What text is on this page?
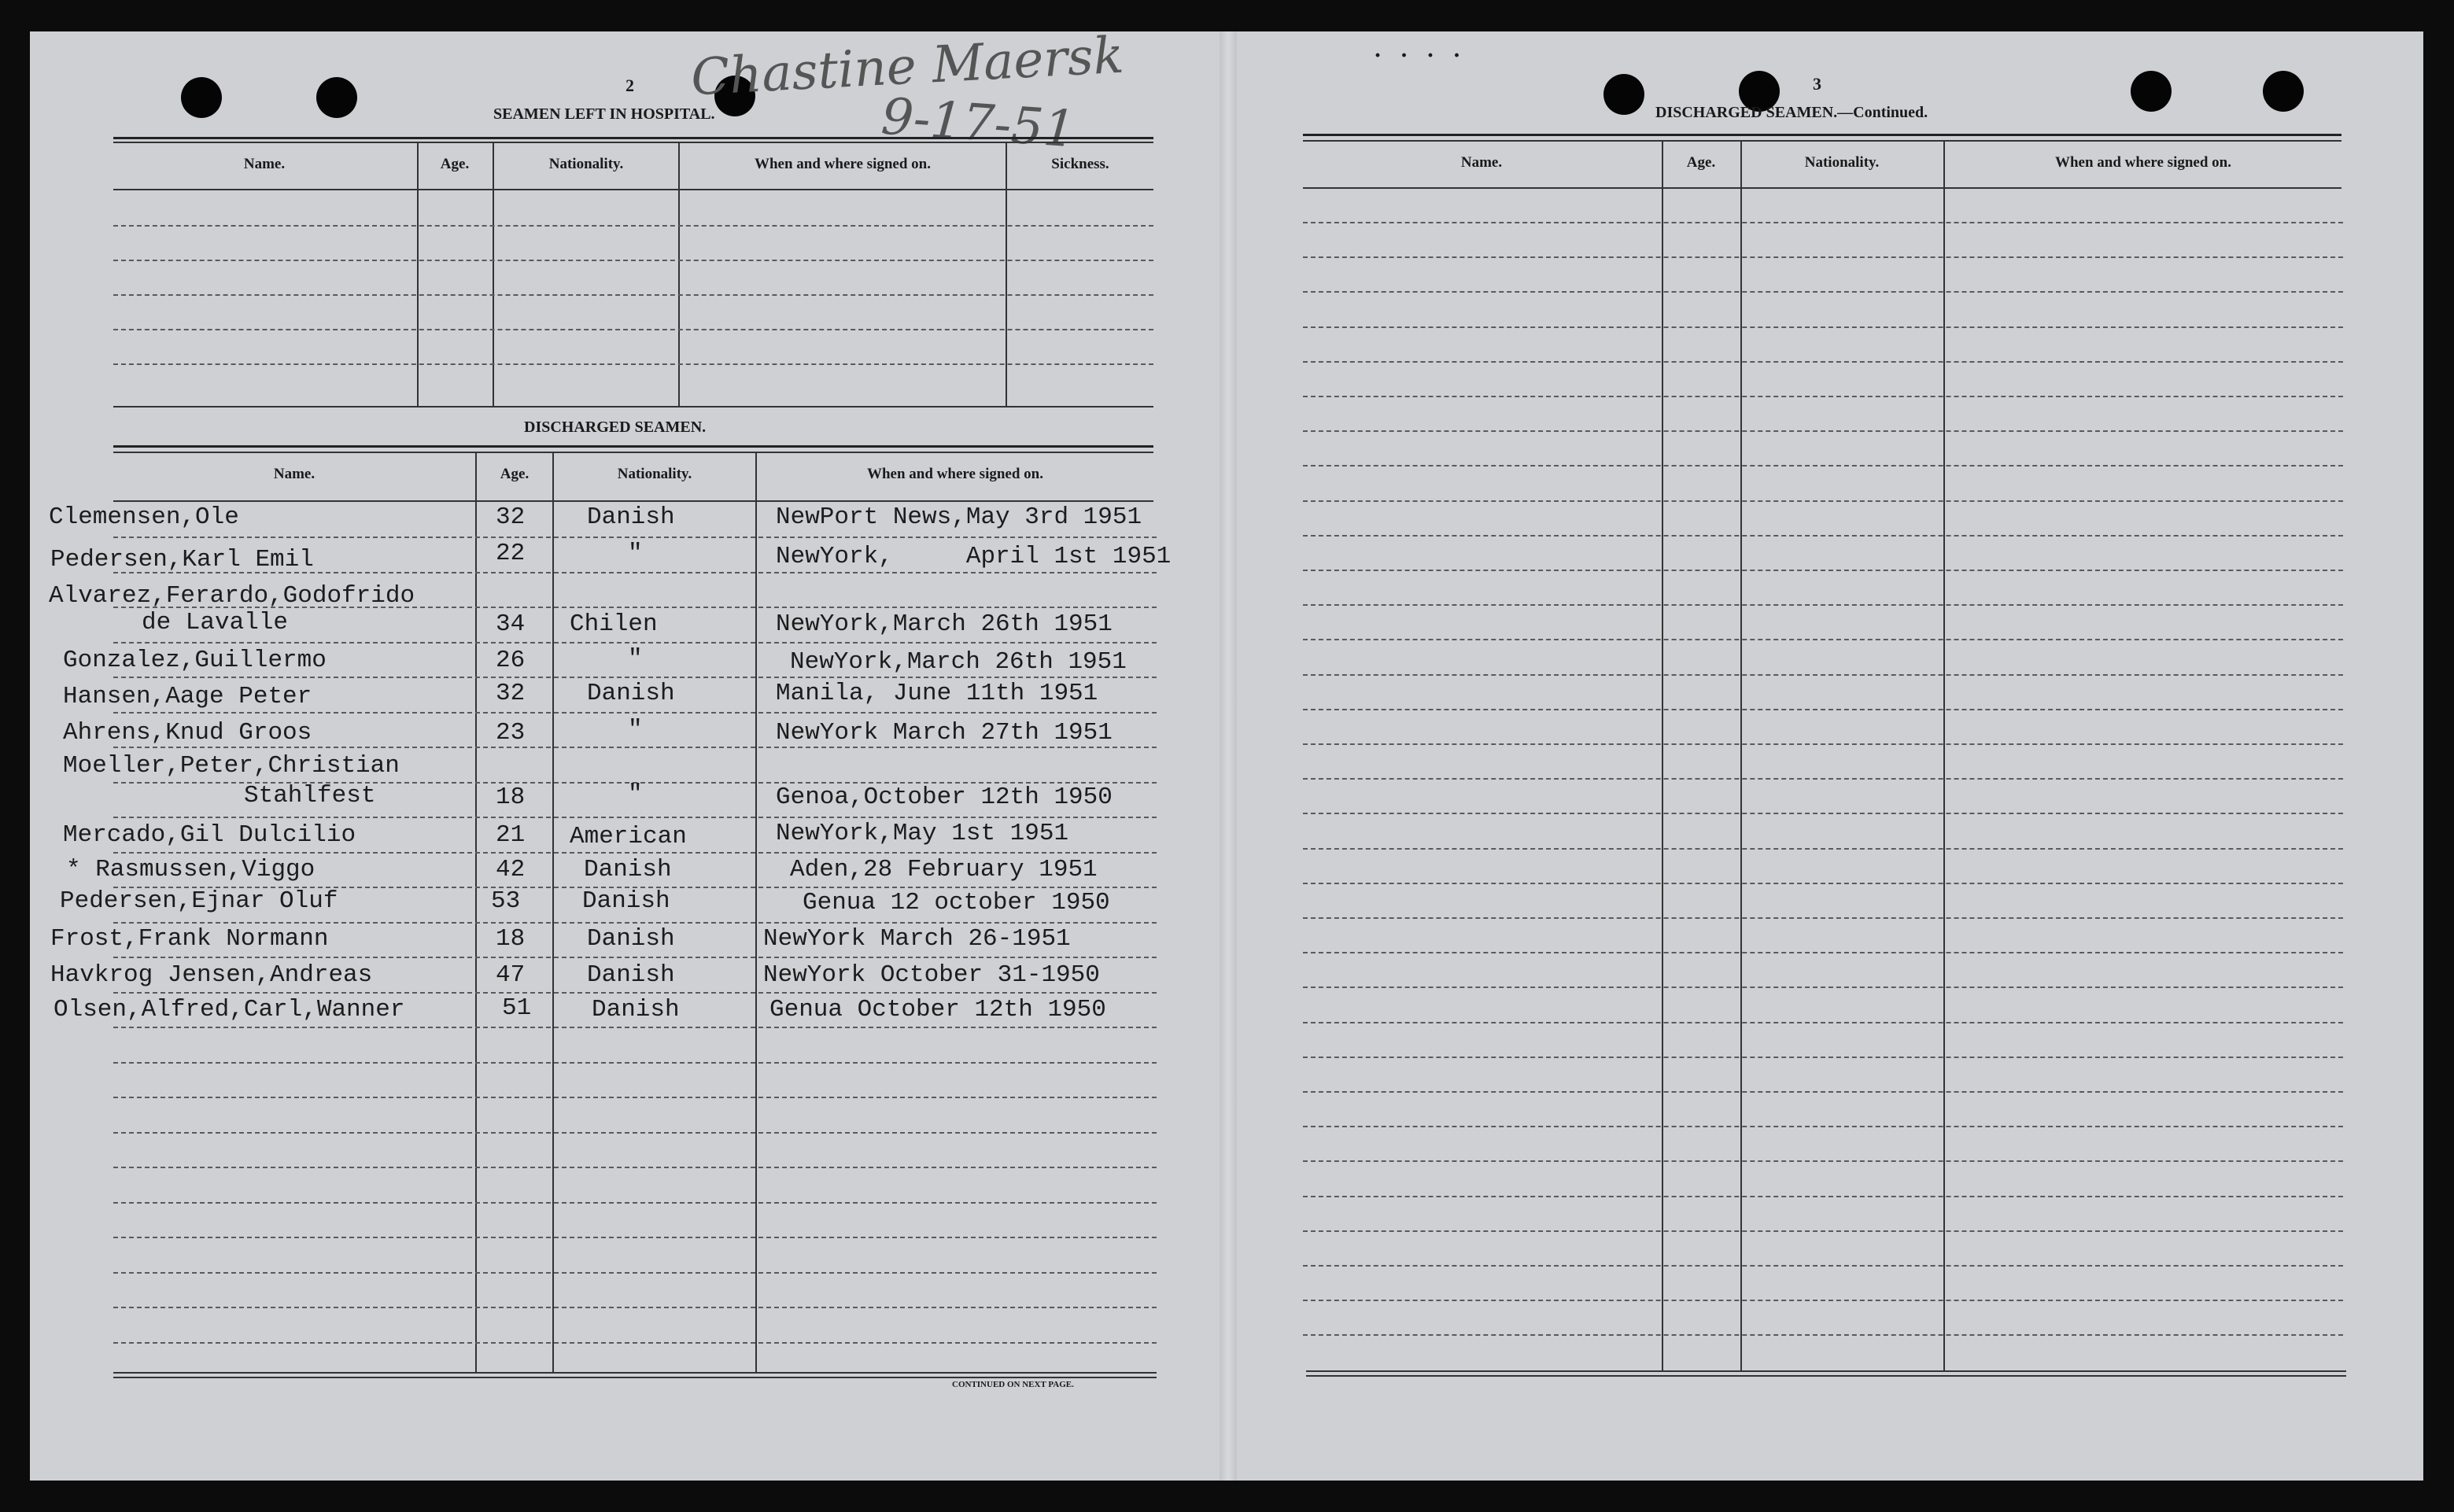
2
SEAMEN LEFT IN HOSPITAL.
Chastine Maersk
9-17-51
Name.	Age.	Nationality.	When and where signed on.	Sickness.
DISCHARGED SEAMEN.
Name.	Age.	Nationality.	When and where signed on.
CONTINUED ON NEXT PAGE.
Clemensen,Ole	32	Danish	NewPort News,May 3rd 1951
Pedersen,Karl Emil	22	"	NewYork,     April 1st 1951
Alvarez,Ferardo,Godofrido
de Lavalle	34 Chilen	NewYork,March 26th 1951
Gonzalez,Guillermo	26	"	NewYork,March 26th 1951
Hansen,Aage Peter	32	Danish	Manila, June 11th 1951
Ahrens,Knud Groos	23	"	NewYork March 27th 1951
Moeller,Peter,Christian
Stahlfest	18	"	Genoa,October 12th 1950
Mercado,Gil Dulcilio	21 American	NewYork,May 1st 1951
* Rasmussen,Viggo	42 Danish	Aden,28 February 1951
Pedersen,Ejnar Oluf	53	Danish	Genua 12 october 1950
Frost,Frank Normann	18	Danish	NewYork March 26-1951
Havkrog Jensen,Andreas	47	Danish	NewYork October 31-1950
Olsen,Alfred,Carl,Wanner	51 Danish	Genua October 12th 1950
· · · ·
3
DISCHARGED SEAMEN.—Continued.
Name.	Age.	Nationality.	When and where signed on.
